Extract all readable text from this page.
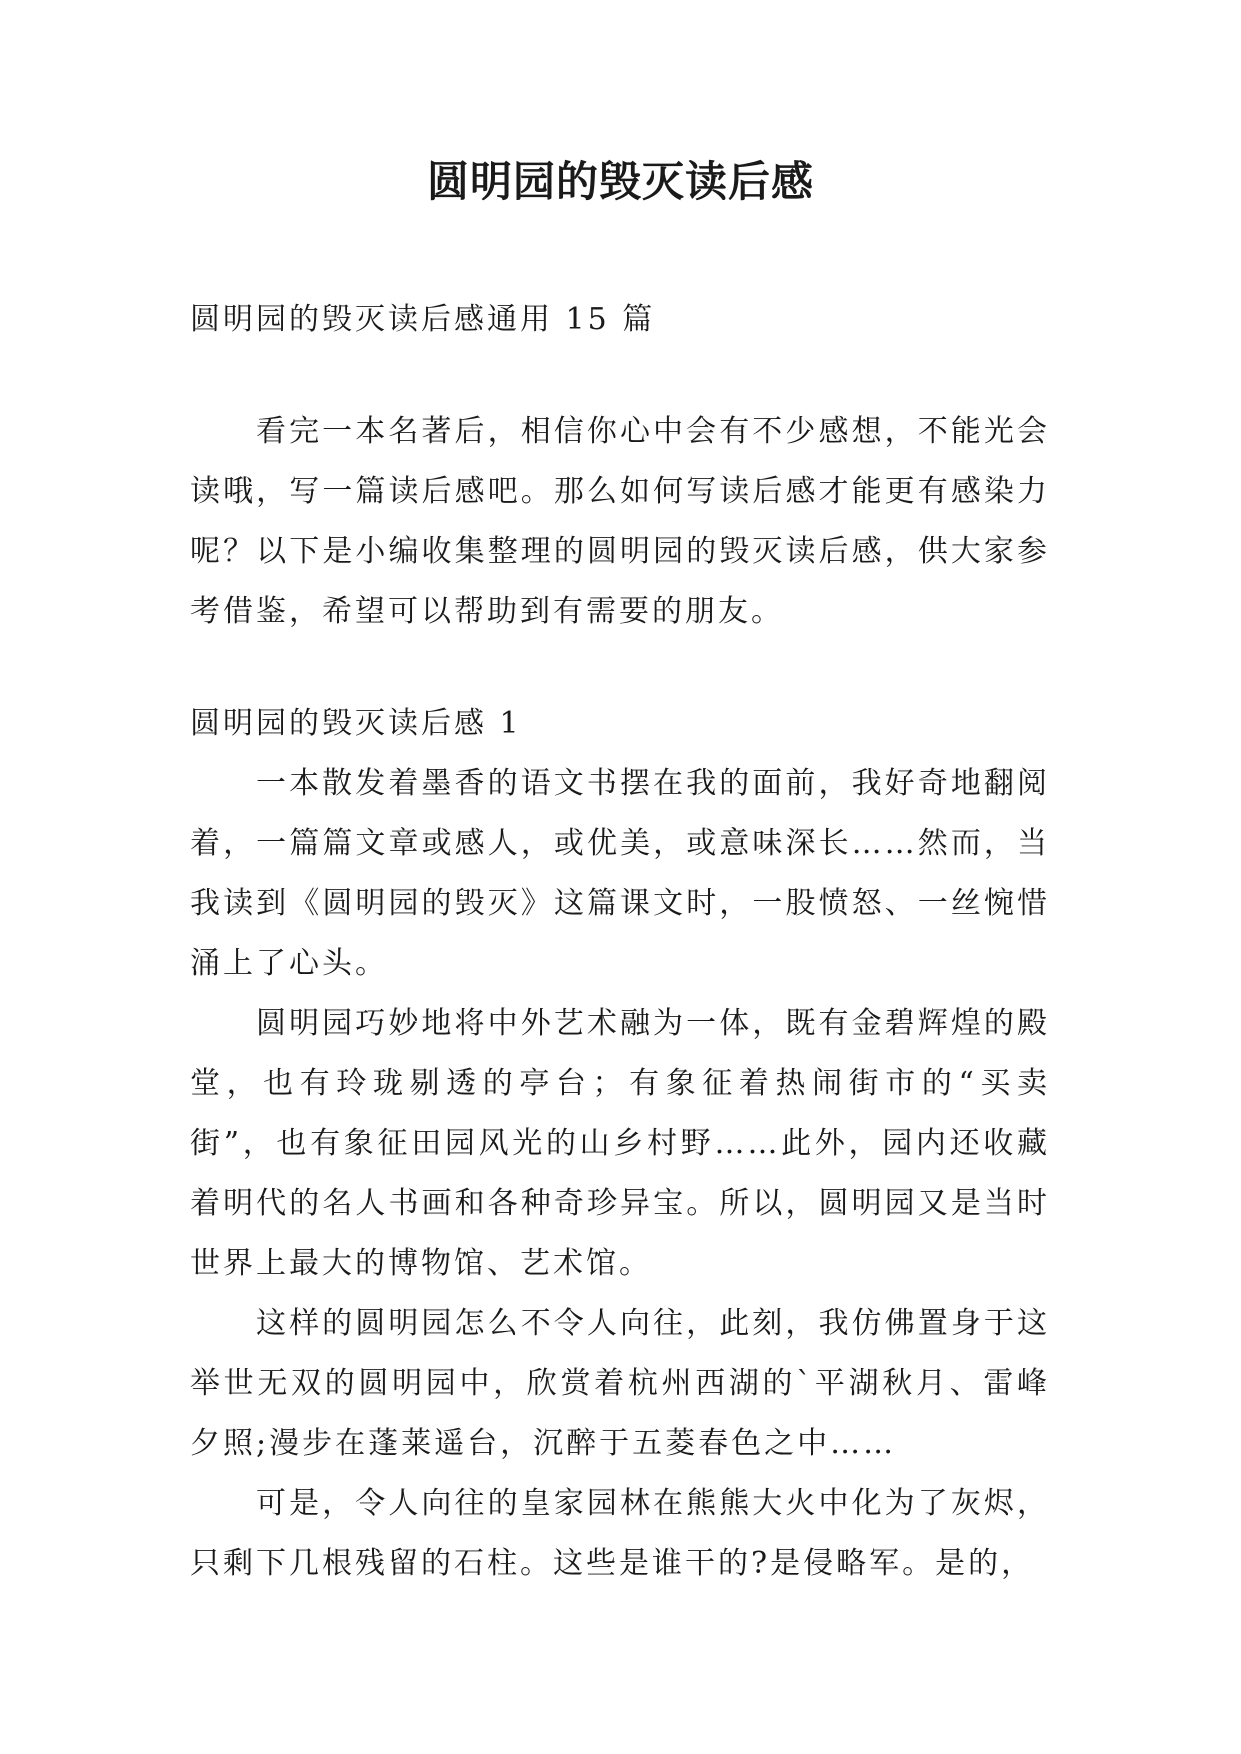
圆明园的毁灭读后感

圆明园的毁灭读后感通用 15 篇

看完一本名著后，相信你心中会有不少感想，不能光会读哦，写一篇读后感吧。那么如何写读后感才能更有感染力呢？以下是小编收集整理的圆明园的毁灭读后感，供大家参考借鉴，希望可以帮助到有需要的朋友。

圆明园的毁灭读后感 1

一本散发着墨香的语文书摆在我的面前，我好奇地翻阅着，一篇篇文章或感人，或优美，或意味深长……然而，当我读到《圆明园的毁灭》这篇课文时，一股愤怒、一丝惋惜涌上了心头。

圆明园巧妙地将中外艺术融为一体，既有金碧辉煌的殿堂，也有玲珑剔透的亭台；有象征着热闹街市的“买卖街”，也有象征田园风光的山乡村野……此外，园内还收藏着明代的名人书画和各种奇珍异宝。所以，圆明园又是当时世界上最大的博物馆、艺术馆。

这样的圆明园怎么不令人向往，此刻，我仿佛置身于这举世无双的圆明园中，欣赏着杭州西湖的`平湖秋月、雷峰夕照;漫步在蓬莱遥台，沉醉于五菱春色之中……

可是，令人向往的皇家园林在熊熊大火中化为了灰烬，只剩下几根残留的石柱。这些是谁干的?是侵略军。是的，
